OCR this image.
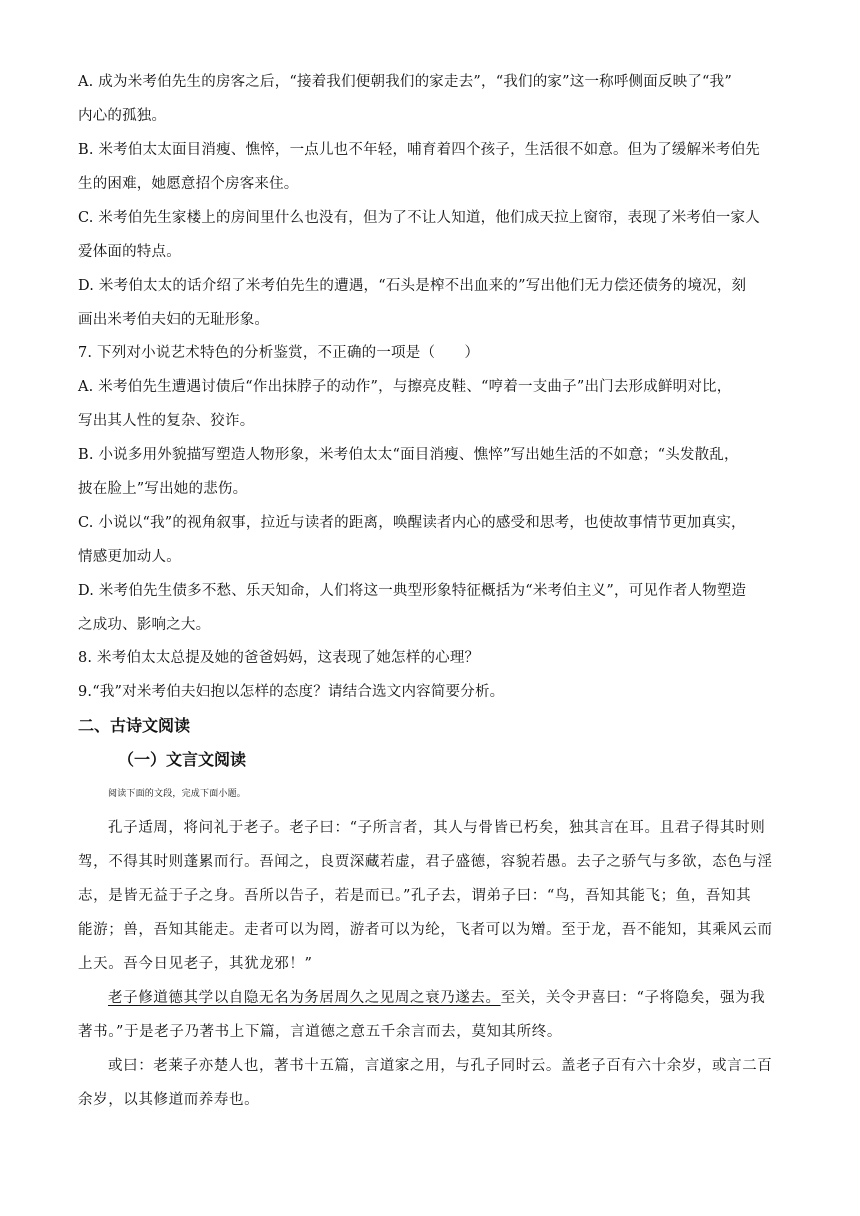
A. 成为米考伯先生的房客之后，“接着我们便朝我们的家走去”，“我们的家”这一称呼侧面反映了“我”
内心的孤独。
B. 米考伯太太面目消瘦、憔悴，一点儿也不年轻，哺育着四个孩子，生活很不如意。但为了缓解米考伯先
生的困难，她愿意招个房客来住。
C. 米考伯先生家楼上的房间里什么也没有，但为了不让人知道，他们成天拉上窗帘，表现了米考伯一家人
爱体面的特点。
D. 米考伯太太的话介绍了米考伯先生的遭遇，“石头是榨不出血来的”写出他们无力偿还债务的境况，刻
画出米考伯夫妇的无耻形象。
7. 下列对小说艺术特色的分析鉴赏，不正确的一项是（　　）
A. 米考伯先生遭遇讨债后“作出抹脖子的动作”，与擦亮皮鞋、“哼着一支曲子”出门去形成鲜明对比，
写出其人性的复杂、狡诈。
B. 小说多用外貌描写塑造人物形象，米考伯太太“面目消瘦、憔悴”写出她生活的不如意；“头发散乱，
披在脸上”写出她的悲伤。
C. 小说以“我”的视角叙事，拉近与读者的距离，唤醒读者内心的感受和思考，也使故事情节更加真实，
情感更加动人。
D. 米考伯先生债多不愁、乐天知命，人们将这一典型形象特征概括为“米考伯主义”，可见作者人物塑造
之成功、影响之大。
8. 米考伯太太总提及她的爸爸妈妈，这表现了她怎样的心理？
9.“我”对米考伯夫妇抱以怎样的态度？请结合选文内容简要分析。
二、古诗文阅读
（一）文言文阅读
阅读下面的文段，完成下面小题。
孔子适周，将问礼于老子。老子曰：“子所言者，其人与骨皆已朽矣，独其言在耳。且君子得其时则
驾，不得其时则蓬累而行。吾闻之，良贾深藏若虚，君子盛德，容貌若愚。去子之骄气与多欲，态色与淫
志，是皆无益于子之身。吾所以告子，若是而已。”孔子去，谓弟子曰：“鸟，吾知其能飞；鱼，吾知其
能游；兽，吾知其能走。走者可以为罔，游者可以为纶，飞者可以为矰。至于龙，吾不能知，其乘风云而
上天。吾今日见老子，其犹龙邪！”
老子修道德其学以自隐无名为务居周久之见周之衰乃遂去。至关，关令尹喜曰：“子将隐矣，强为我
著书。”于是老子乃著书上下篇，言道德之意五千余言而去，莫知其所终。
或曰：老莱子亦楚人也，著书十五篇，言道家之用，与孔子同时云。盖老子百有六十余岁，或言二百
余岁，以其修道而养寿也。
